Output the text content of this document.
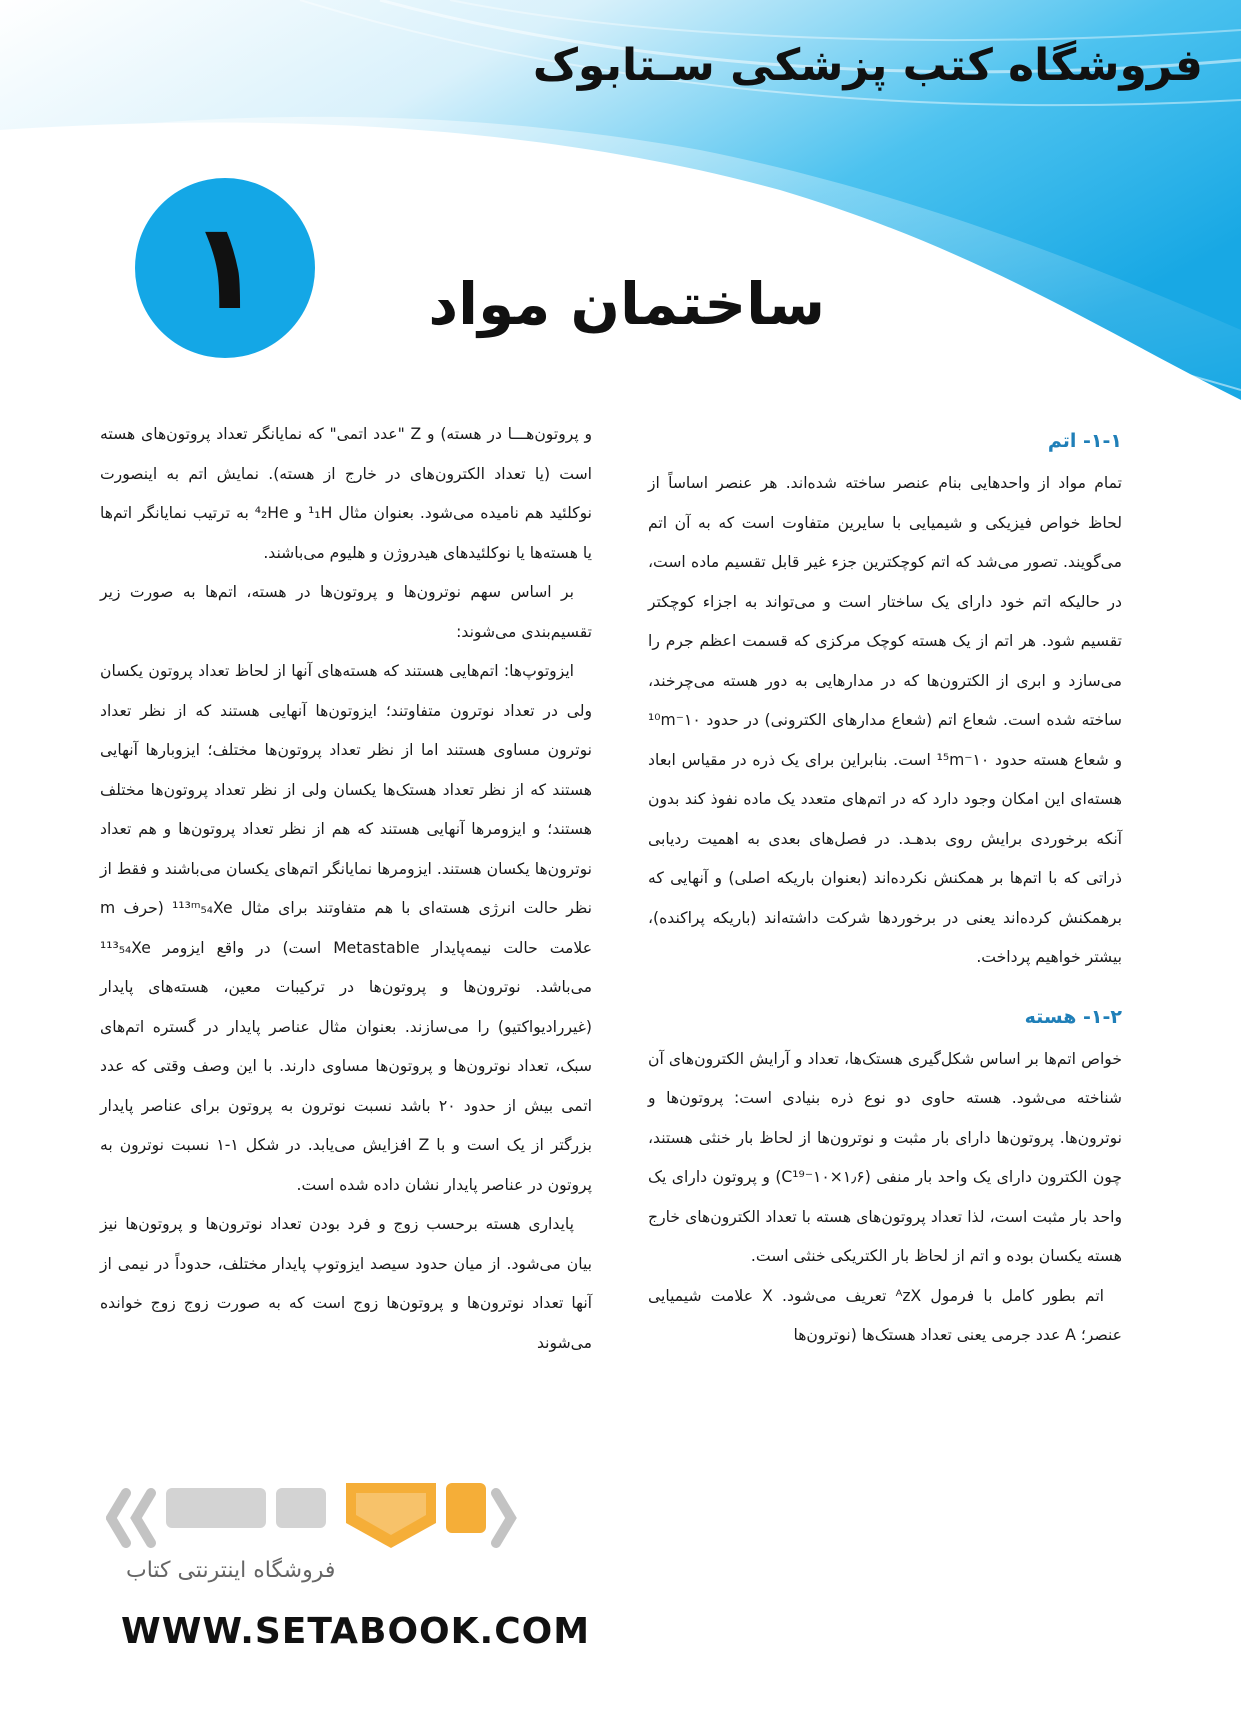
فروشگاه کتب پزشکی سـتابوک
۱	ساختمان مواد
۱-۱- اتم

تمام مواد از واحدهایی بنام عنصر ساخته شده‌اند. هر عنصر اساساً از لحاظ خواص فیزیکی و شیمیایی با سایرین متفاوت است که به آن اتم می‌گویند. تصور می‌شد که اتم کوچکترین جزء غیر قابل تقسیم ماده است، در حالیکه اتم خود دارای یک ساختار است و می‌تواند به اجزاء کوچکتر تقسیم شود. هر اتم از یک هسته کوچک مرکزی که قسمت اعظم جرم را می‌سازد و ابری از الکترون‌ها که در مدارهایی به دور هسته می‌چرخند، ساخته شده است. شعاع اتم (شعاع مدارهای الکترونی) در حدود ۱۰⁻¹⁰m و شعاع هسته حدود ۱۰⁻¹⁵m است. بنابراین برای یک ذره در مقیاس ابعاد هسته‌ای این امکان وجود دارد که در اتم‌های متعدد یک ماده نفوذ کند بدون آنکه برخوردی برایش روی بدهـد. در فصل‌های بعدی به اهمیت ردیابی ذراتی که با اتم‌ها بر همکنش نکرده‌اند (بعنوان باریکه اصلی) و آنهایی که برهمکنش کرده‌اند یعنی در برخوردها شرکت داشته‌اند (باریکه پراکنده)، بیشتر خواهیم پرداخت.

۱-۲- هسته

خواص اتم‌ها بر اساس شکل‌گیری هستک‌ها، تعداد و آرایش الکترون‌های آن شناخته می‌شود. هسته حاوی دو نوع ذره بنیادی است: پروتون‌ها و نوترون‌ها. پروتون‌ها دارای بار مثبت و نوترون‌ها از لحاظ بار خنثی هستند، چون الکترون دارای یک واحد بار منفی (C¹⁹⁻۱۰×۱٫۶) و پروتون دارای یک واحد بار مثبت است، لذا تعداد پروتون‌های هسته با تعداد الکترون‌های خارج هسته یکسان بوده و اتم از لحاظ بار الکتریکی خنثی است.

اتم بطور کامل با فرمول ᴬzX تعریف می‌شود. X علامت شیمیایی عنصر؛ A عدد جرمی یعنی تعداد هستک‌ها (نوترون‌ها

و پروتون‌هـــا در هسته) و Z "عدد اتمی" که نمایانگر تعداد پروتون‌های هسته است (یا تعداد الکترون‌های در خارج از هسته). نمایش اتم به اینصورت نوکلئید هم نامیده می‌شود. بعنوان مثال ¹₁H و ⁴₂He به ترتیب نمایانگر اتم‌ها یا هسته‌ها یا نوکلئیدهای هیدروژن و هلیوم می‌باشند.

بر اساس سهم نوترون‌ها و پروتون‌ها در هسته، اتم‌ها به صورت زیر تقسیم‌بندی می‌شوند:

ایزوتوپ‌ها: اتم‌هایی هستند که هسته‌های آنها از لحاظ تعداد پروتون یکسان ولی در تعداد نوترون متفاوتند؛ ایزوتون‌ها آنهایی هستند که از نظر تعداد نوترون مساوی هستند اما از نظر تعداد پروتون‌ها مختلف؛ ایزوبارها آنهایی هستند که از نظر تعداد هستک‌ها یکسان ولی از نظر تعداد پروتون‌ها مختلف هستند؛ و ایزومرها آنهایی هستند که هم از نظر تعداد پروتون‌ها و هم تعداد نوترون‌ها یکسان هستند. ایزومرها نمایانگر اتم‌های یکسان می‌باشند و فقط از نظر حالت انرژی هسته‌ای با هم متفاوتند برای مثال ¹¹³ᵐ₅₄Xe (حرف m علامت حالت نیمه‌پایدار Metastable است) در واقع ایزومر ¹¹³₅₄Xe می‌باشد. نوترون‌ها و پروتون‌ها در ترکیبات معین، هسته‌های پایدار (غیررادیواکتیو) را می‌سازند. بعنوان مثال عناصر پایدار در گستره اتم‌های سبک، تعداد نوترون‌ها و پروتون‌ها مساوی دارند. با این وصف وقتی که عدد اتمی بیش از حدود ۲۰ باشد نسبت نوترون به پروتون برای عناصر پایدار بزرگتر از یک است و با Z افزایش می‌یابد. در شکل ۱-۱ نسبت نوترون به پروتون در عناصر پایدار نشان داده شده است.

پایداری هسته برحسب زوج و فرد بودن تعداد نوترون‌ها و پروتون‌ها نیز بیان می‌شود. از میان حدود سیصد ایزوتوپ پایدار مختلف، حدوداً در نیمی از آنها تعداد نوترون‌ها و پروتون‌ها زوج است که به صورت زوج زوج خوانده می‌شوند

فروشگاه اینترنتی کتاب
WWW.SETABOOK.COM
